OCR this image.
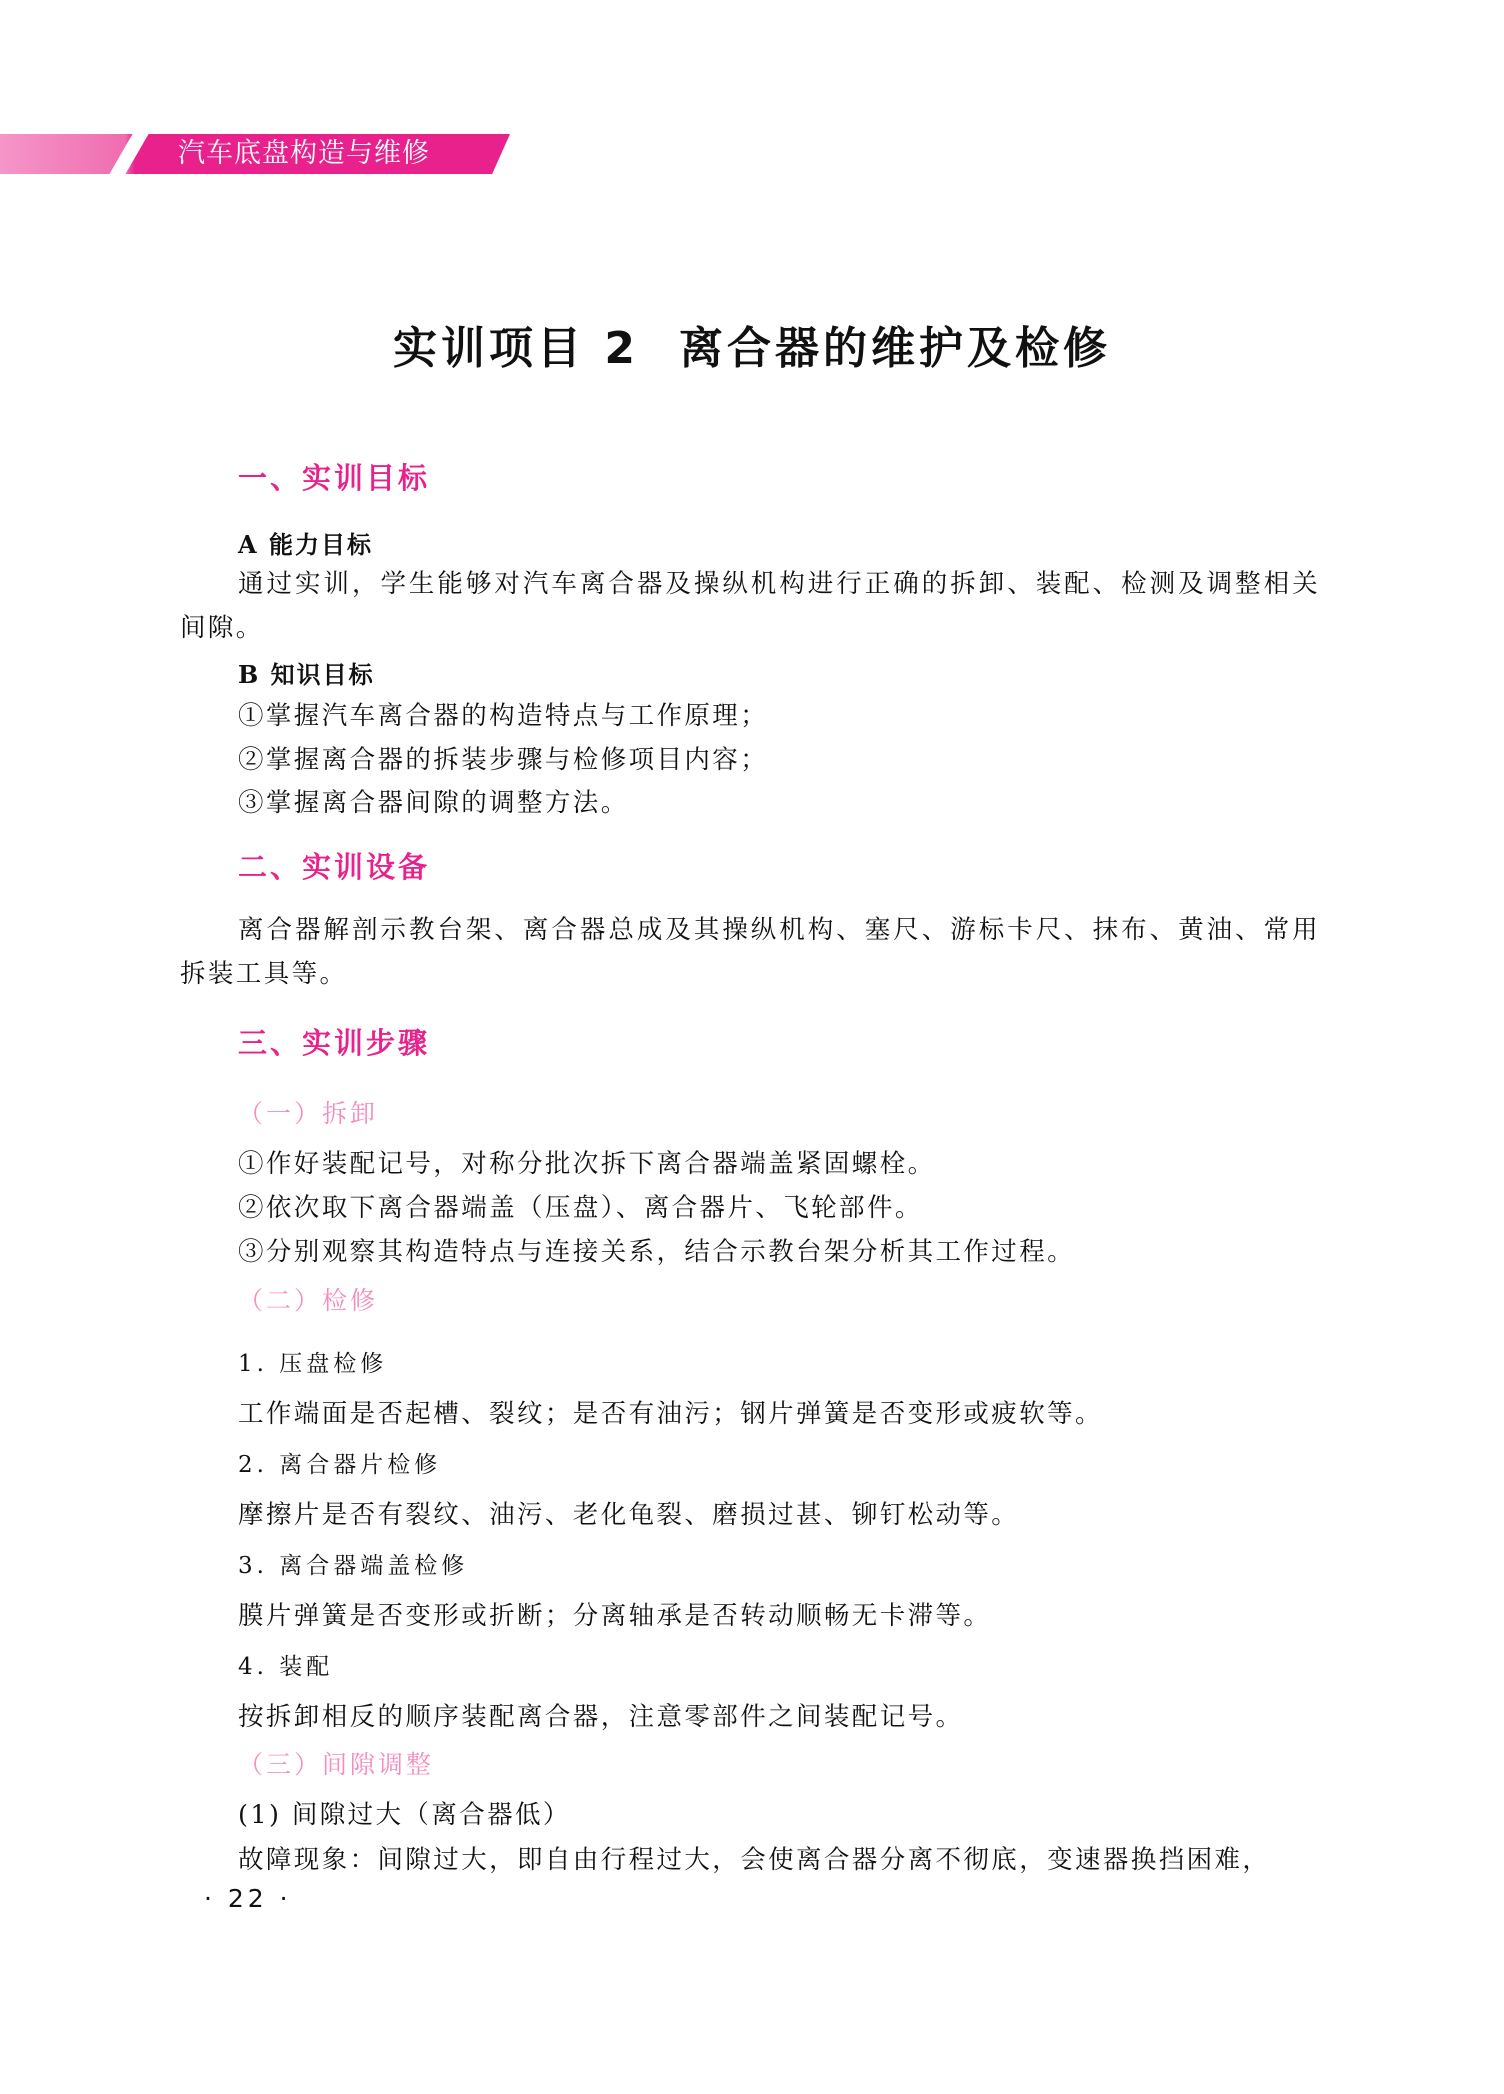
汽车底盘构造与维修
实训项目 2 离合器的维护及检修
一、实训目标
A 能力目标
通过实训，学生能够对汽车离合器及操纵机构进行正确的拆卸、装配、检测及调整相关间隙。
B 知识目标
①掌握汽车离合器的构造特点与工作原理；
②掌握离合器的拆装步骤与检修项目内容；
③掌握离合器间隙的调整方法。
二、实训设备
离合器解剖示教台架、离合器总成及其操纵机构、塞尺、游标卡尺、抹布、黄油、常用拆装工具等。
三、实训步骤
（一）拆卸
①作好装配记号，对称分批次拆下离合器端盖紧固螺栓。
②依次取下离合器端盖（压盘）、离合器片、飞轮部件。
③分别观察其构造特点与连接关系，结合示教台架分析其工作过程。
（二）检修
1. 压盘检修
工作端面是否起槽、裂纹；是否有油污；钢片弹簧是否变形或疲软等。
2. 离合器片检修
摩擦片是否有裂纹、油污、老化龟裂、磨损过甚、铆钉松动等。
3. 离合器端盖检修
膜片弹簧是否变形或折断；分离轴承是否转动顺畅无卡滞等。
4. 装配
按拆卸相反的顺序装配离合器，注意零部件之间装配记号。
（三）间隙调整
(1) 间隙过大（离合器低）
故障现象：间隙过大，即自由行程过大，会使离合器分离不彻底，变速器换挡困难，
· 22 ·
